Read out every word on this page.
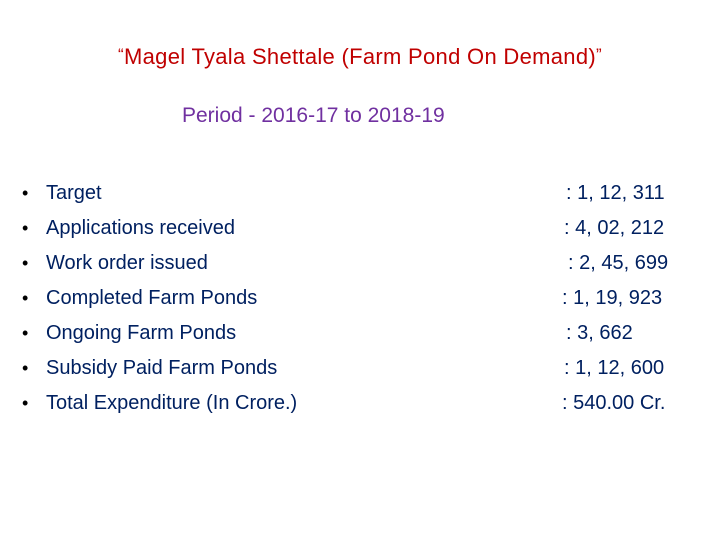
“Magel Tyala Shettale (Farm Pond On Demand)”
Period - 2016-17 to 2018-19
• Target	: 1, 12, 311
• Applications received	: 4, 02, 212
• Work order issued	: 2, 45, 699
• Completed Farm Ponds	: 1, 19, 923
• Ongoing Farm Ponds	: 3, 662
• Subsidy Paid Farm Ponds	: 1, 12, 600
• Total Expenditure (In Crore.)	: 540.00 Cr.
